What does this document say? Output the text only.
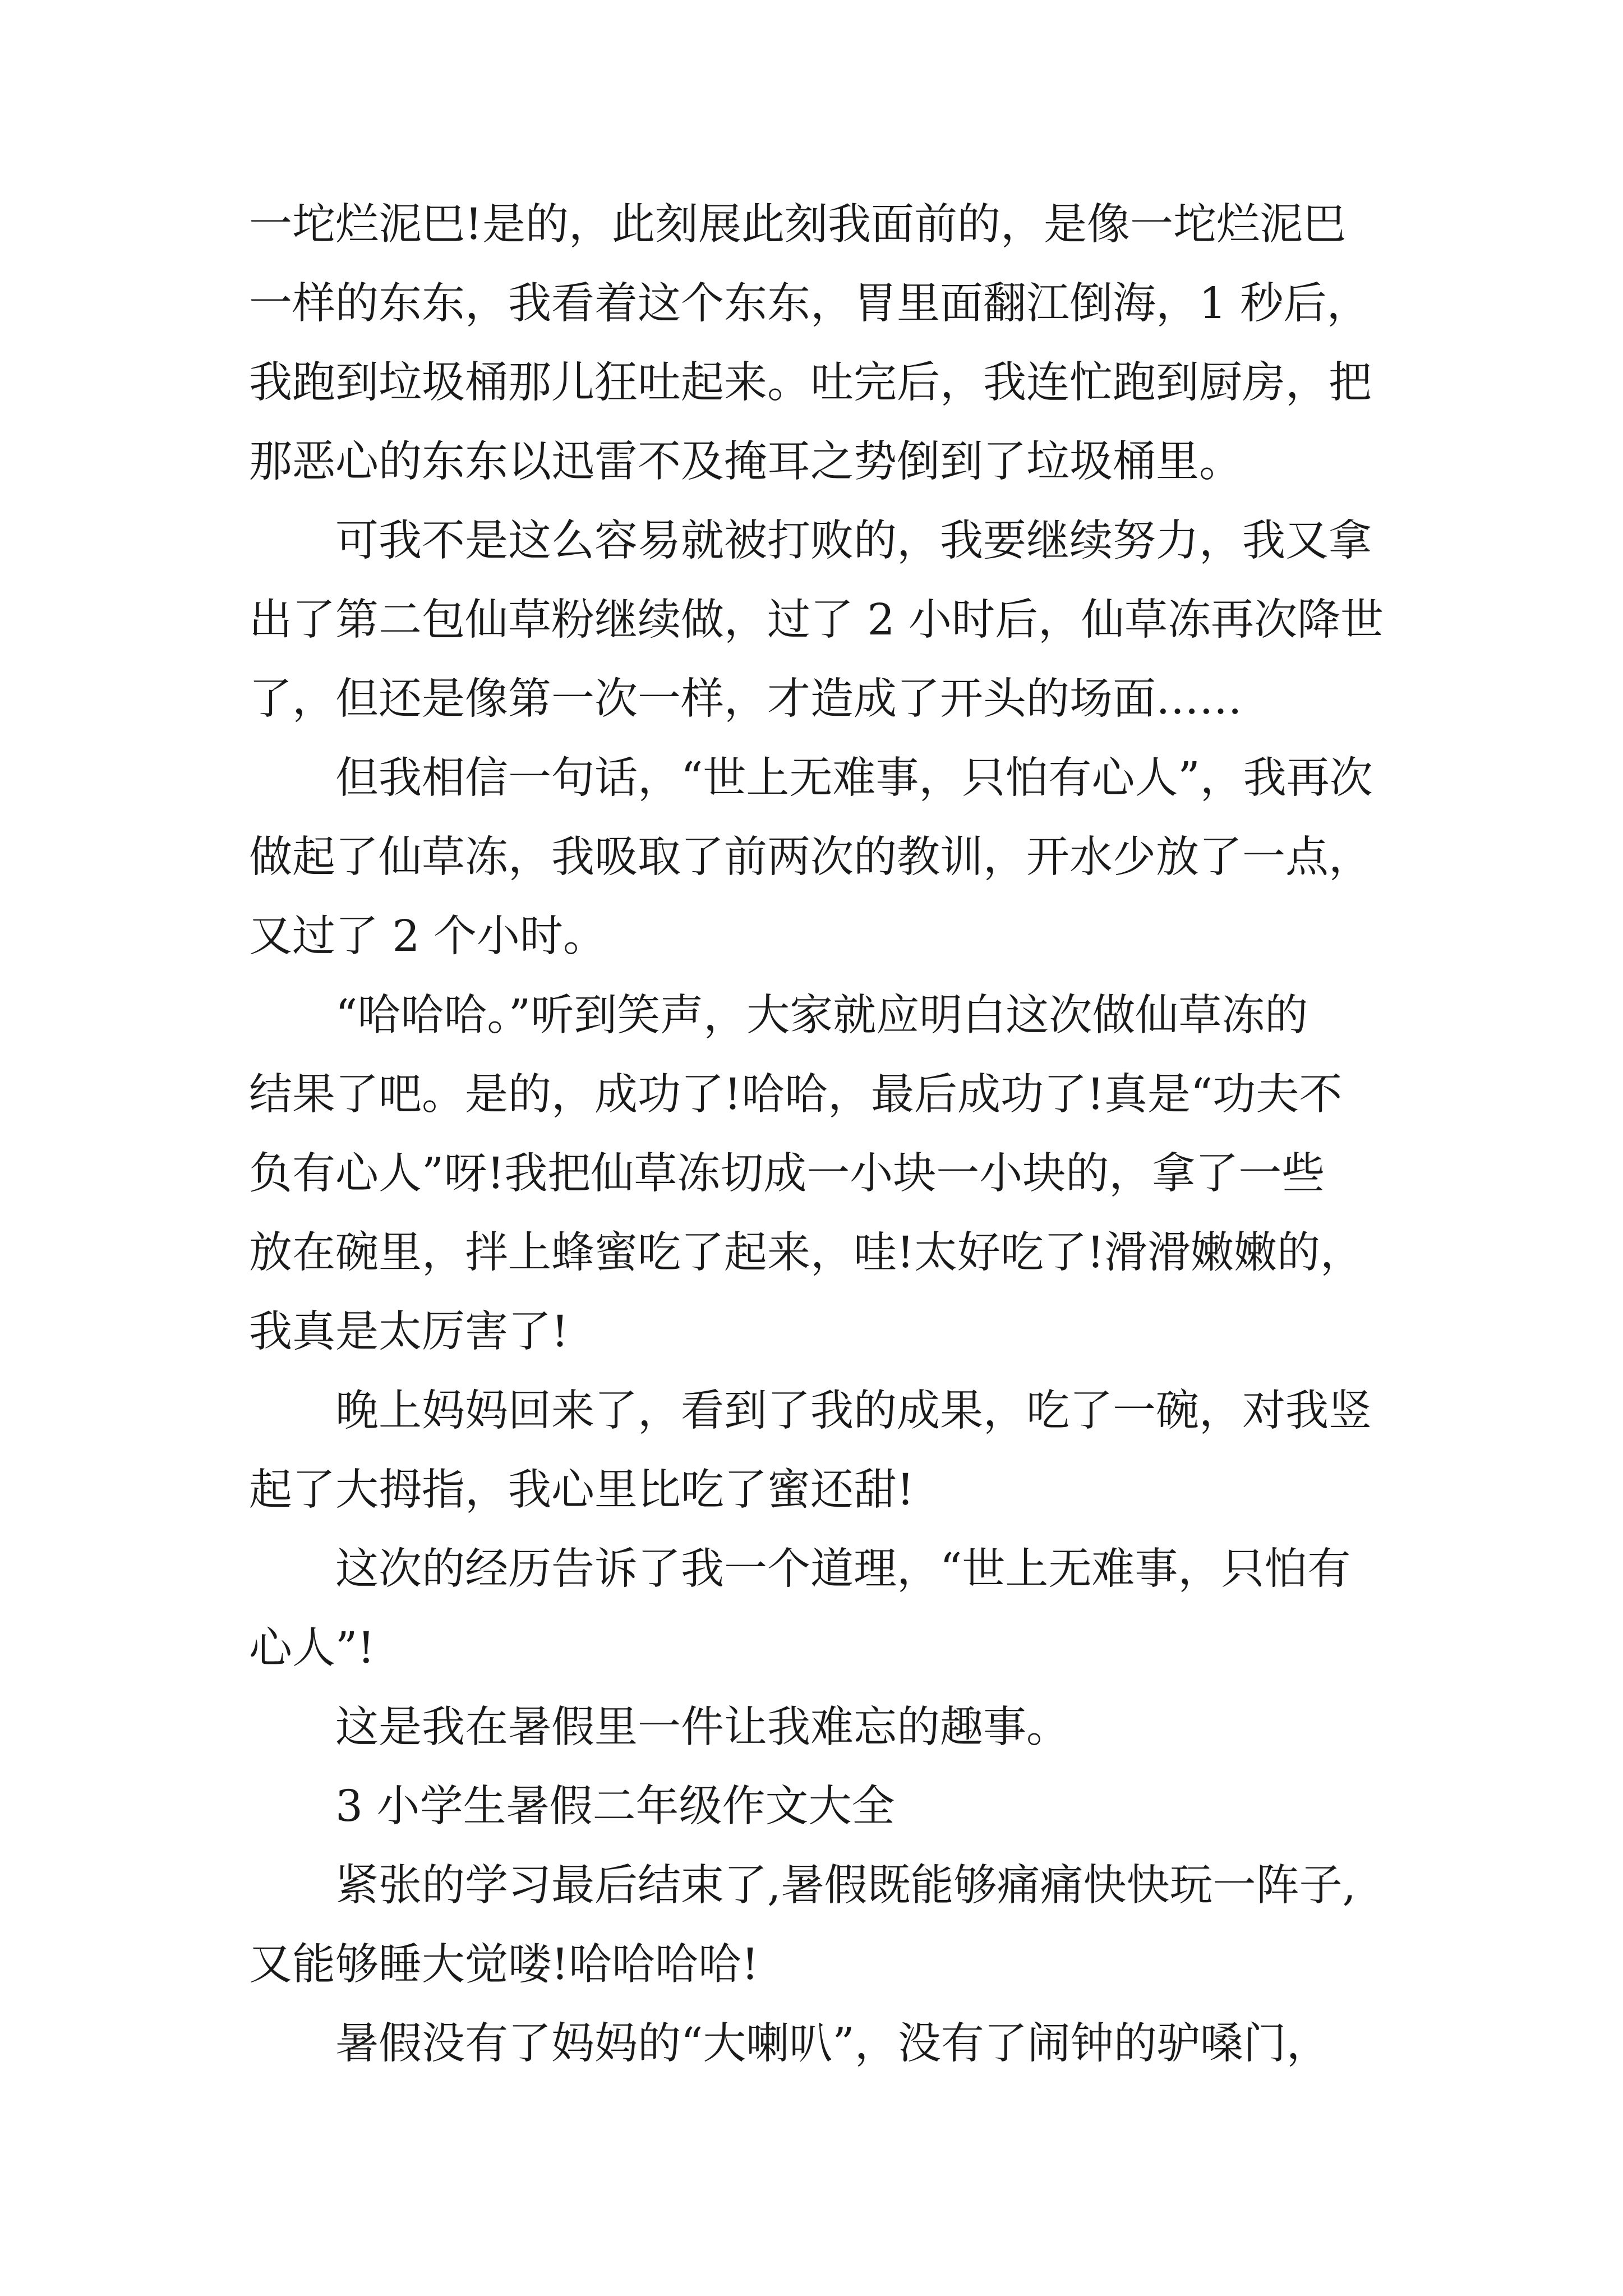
一坨烂泥巴!是的，此刻展此刻我面前的，是像一坨烂泥巴
一样的东东，我看着这个东东，胃里面翻江倒海，1 秒后，
我跑到垃圾桶那儿狂吐起来。吐完后，我连忙跑到厨房，把
那恶心的东东以迅雷不及掩耳之势倒到了垃圾桶里。
可我不是这么容易就被打败的，我要继续努力，我又拿
出了第二包仙草粉继续做，过了 2 小时后，仙草冻再次降世
了，但还是像第一次一样，才造成了开头的场面……
但我相信一句话，“世上无难事，只怕有心人”，我再次
做起了仙草冻，我吸取了前两次的教训，开水少放了一点，
又过了 2 个小时。
“哈哈哈。”听到笑声，大家就应明白这次做仙草冻的
结果了吧。是的，成功了!哈哈，最后成功了!真是“功夫不
负有心人”呀!我把仙草冻切成一小块一小块的，拿了一些
放在碗里，拌上蜂蜜吃了起来，哇!太好吃了!滑滑嫩嫩的，
我真是太厉害了!
晚上妈妈回来了，看到了我的成果，吃了一碗，对我竖
起了大拇指，我心里比吃了蜜还甜!
这次的经历告诉了我一个道理，“世上无难事，只怕有
心人”!
这是我在暑假里一件让我难忘的趣事。
3 小学生暑假二年级作文大全
紧张的学习最后结束了,暑假既能够痛痛快快玩一阵子,
又能够睡大觉喽!哈哈哈哈!
暑假没有了妈妈的“大喇叭”，没有了闹钟的驴嗓门，
